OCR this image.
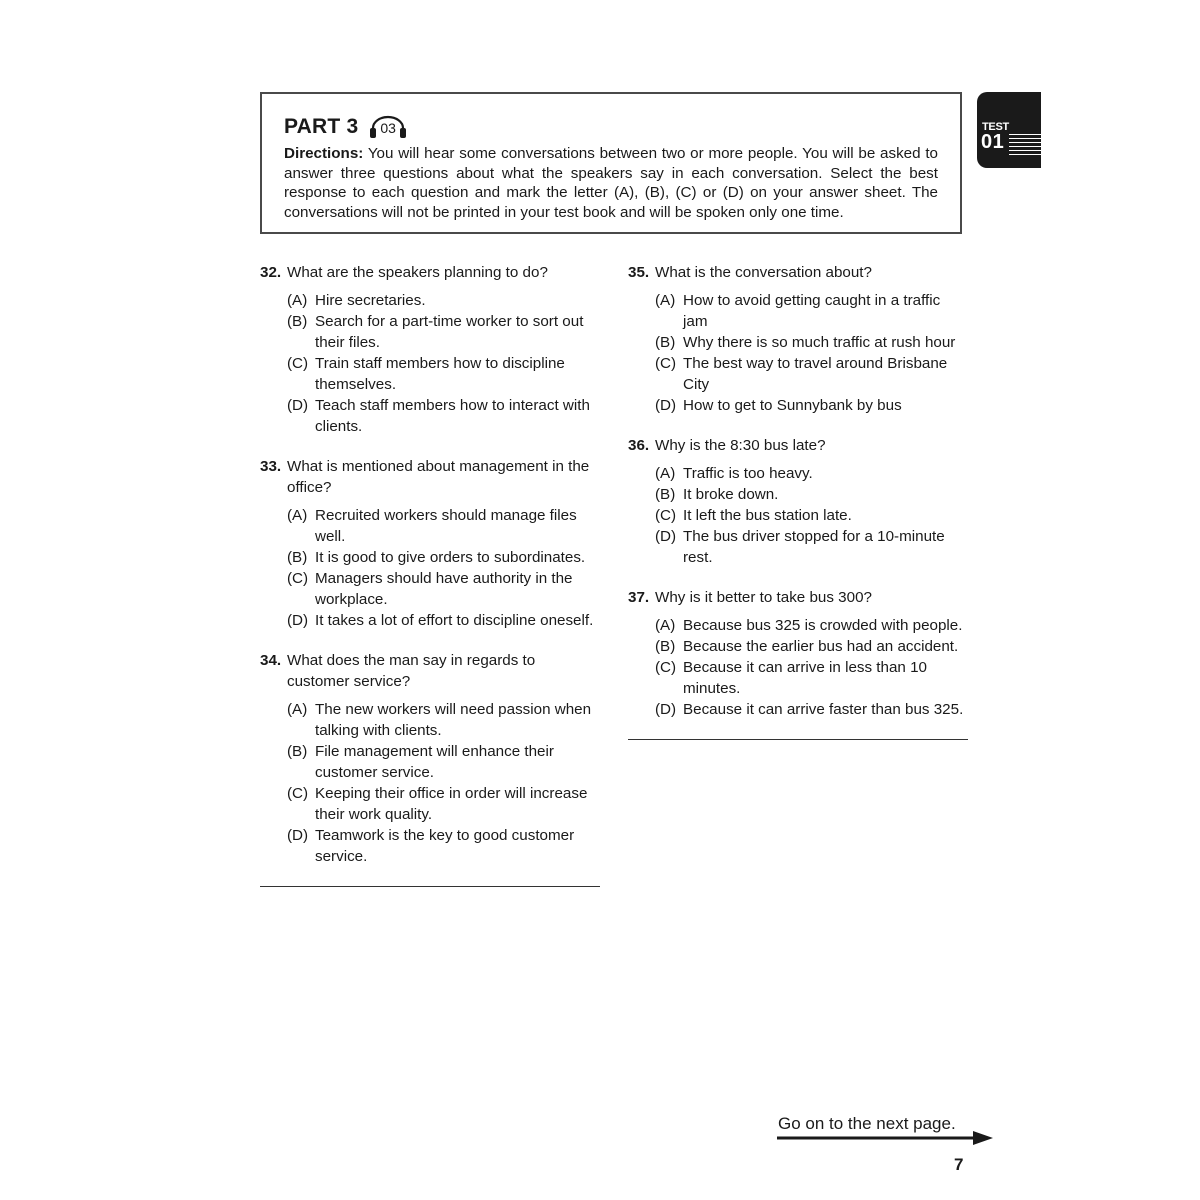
PART 3 03
Directions: You will hear some conversations between two or more people. You will be asked to answer three questions about what the speakers say in each conversation. Select the best response to each question and mark the letter (A), (B), (C) or (D) on your answer sheet. The conversations will not be printed in your test book and will be spoken only one time.
TEST
01
32. What are the speakers planning to do?
(A) Hire secretaries.
(B) Search for a part-time worker to sort out their files.
(C) Train staff members how to discipline themselves.
(D) Teach staff members how to interact with clients.
33. What is mentioned about management in the office?
(A) Recruited workers should manage files well.
(B) It is good to give orders to subordinates.
(C) Managers should have authority in the workplace.
(D) It takes a lot of effort to discipline oneself.
34. What does the man say in regards to customer service?
(A) The new workers will need passion when talking with clients.
(B) File management will enhance their customer service.
(C) Keeping their office in order will increase their work quality.
(D) Teamwork is the key to good customer service.
35. What is the conversation about?
(A) How to avoid getting caught in a traffic jam
(B) Why there is so much traffic at rush hour
(C) The best way to travel around Brisbane City
(D) How to get to Sunnybank by bus
36. Why is the 8:30 bus late?
(A) Traffic is too heavy.
(B) It broke down.
(C) It left the bus station late.
(D) The bus driver stopped for a 10-minute rest.
37. Why is it better to take bus 300?
(A) Because bus 325 is crowded with people.
(B) Because the earlier bus had an accident.
(C) Because it can arrive in less than 10 minutes.
(D) Because it can arrive faster than bus 325.
Go on to the next page.
7
